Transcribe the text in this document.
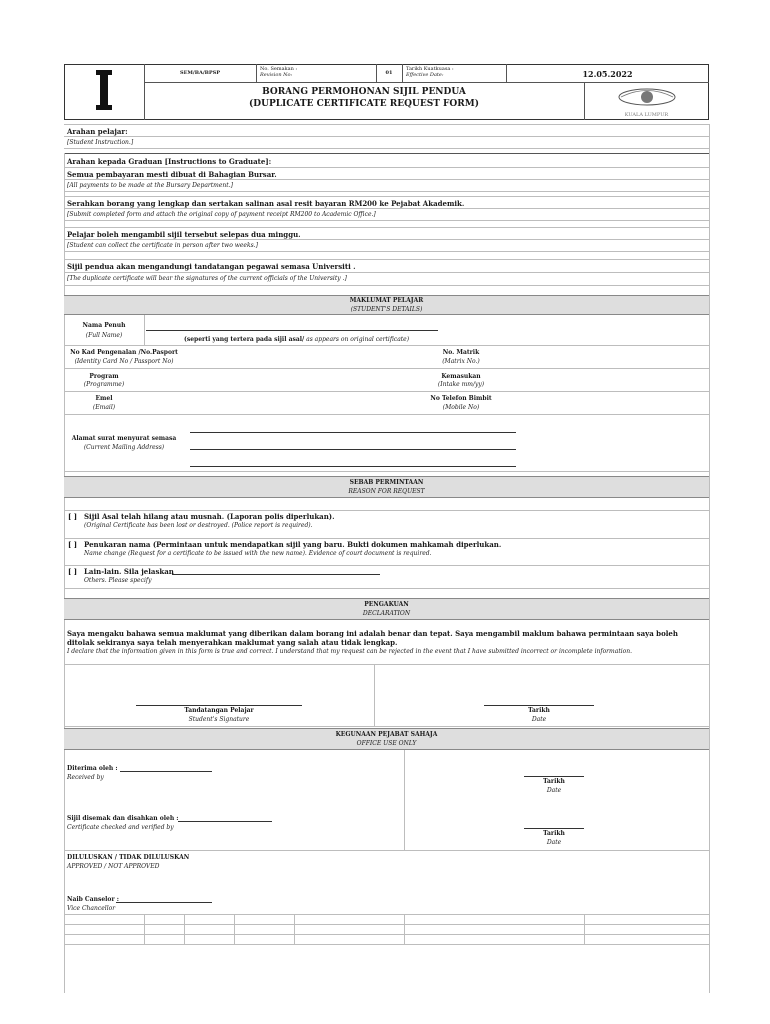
SEM/BA/BPSP
No. Semakan :
Revision No:	01
Tarikh Kuatkuasa :
Effective Date:	12.05.2022
BORANG PERMOHONAN SIJIL PENDUA
(DUPLICATE CERTIFICATE REQUEST FORM)
KUALA LUMPUR
Arahan pelajar:
[Student Instruction.]
Arahan kepada Graduan [Instructions to Graduate]:
Semua pembayaran mesti dibuat di Bahagian Bursar.
[All payments to be made at the Bursary Department.]
Serahkan borang yang lengkap dan sertakan salinan asal resit bayaran RM200 ke Pejabat Akademik.
[Submit completed form and attach the original copy of payment receipt RM200 to Academic Office.]
Pelajar boleh mengambil sijil tersebut selepas dua minggu.
[Student can collect the certificate in person after two weeks.]
Sijil pendua akan mengandungi tandatangan pegawai semasa Universiti .
[The duplicate certificate will bear the signatures of the current officials of the University .]
MAKLUMAT PELAJAR
(STUDENT'S DETAILS)
Nama Penuh
(Full Name)
(seperti yang tertera pada sijil asal/ as appears on original certificate)
No Kad Pengenalan /No.Pasport
(Identity Card No / Passport No)
No. Matrik
(Matrix No.)
Program
(Programme)
Kemasukan
(Intake mm/yy)
Emel
(Email)
No Telefon Bimbit
(Mobile No)
Alamat surat menyurat semasa
(Current Mailing Address)
SEBAB PERMINTAAN
REASON FOR REQUEST
[ ] Sijil Asal telah hilang atau musnah. (Laporan polis diperlukan).
(Original Certificate has been lost or destroyed. (Police report is required).
[ ] Penukaran nama (Permintaan untuk mendapatkan sijil yang baru. Bukti dokumen mahkamah diperlukan.
Name change (Request for a certificate to be issued with the new name). Evidence of court document is required.
[ ] Lain-lain. Sila jelaskan
Others. Please specify
PENGAKUAN
DECLARATION
Saya mengaku bahawa semua maklumat yang diberikan dalam borang ini adalah benar dan tepat. Saya mengambil maklum bahawa permintaan saya boleh ditolak sekiranya saya telah menyerahkan maklumat yang salah atau tidak lengkap.
I declare that the information given in this form is true and correct. I understand that my request can be rejected in the event that I have submitted incorrect or incomplete information.
Tandatangan Pelajar
Student's Signature
Tarikh
Date
KEGUNAAN PEJABAT SAHAJA
OFFICE USE ONLY
Diterima oleh :
Received by
Tarikh
Date
Sijil disemak dan disahkan oleh :
Certificate checked and verified by
Tarikh
Date
DILULUSKAN / TIDAK DILULUSKAN
APPROVED / NOT APPROVED
Naib Canselor :
Vice Chancellor
